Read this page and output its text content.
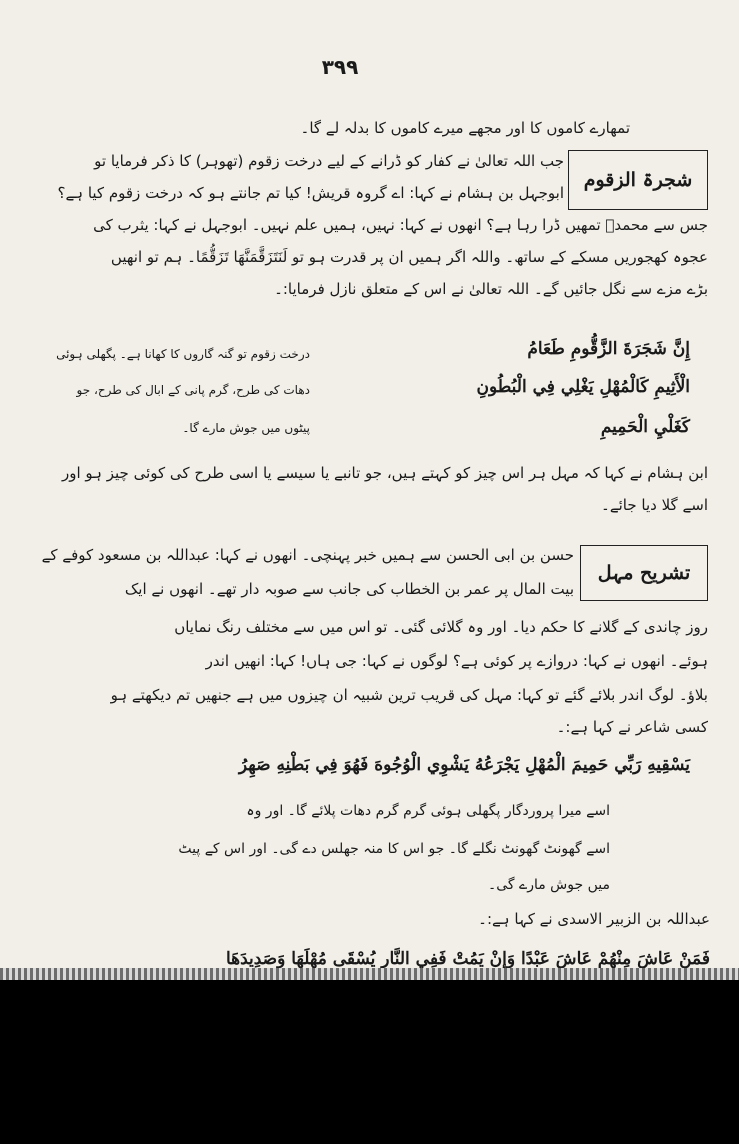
۳۹۹
تمھارے کاموں کا اور مجھے میرے کاموں کا بدلہ لے گا۔
شجرۃ الزقوم
جب اللہ تعالیٰ نے کفار کو ڈرانے کے لیے درخت زقوم (تھوہر) کا ذکر فرمایا تو
ابوجہل بن ہشام نے کہا: اے گروہ قریش! کیا تم جانتے ہو کہ درخت زقوم کیا ہے؟
جس سے محمدؐ تمھیں ڈرا رہا ہے؟ انھوں نے کہا: نہیں، ہمیں علم نہیں۔ ابوجہل نے کہا: یثرب کی
عجوہ کھجوریں مسکے کے ساتھ۔ واللہ اگر ہمیں ان پر قدرت ہو تو لَنَتَزَقَّمَنَّهَا تَزَقُّمًا۔ ہم تو انھیں
بڑے مزے سے نگل جائیں گے۔ اللہ تعالیٰ نے اس کے متعلق نازل فرمایا:۔
إِنَّ شَجَرَةَ الزَّقُّومِ طَعَامُ
الْأَثِيمِ كَالْمُهْلِ يَغْلِي فِي الْبُطُونِ
كَغَلْيِ الْحَمِيمِ
درخت زقوم تو گنہ گاروں کا کھانا ہے۔ پگھلی ہوئی
دھات کی طرح، گرم پانی کے ابال کی طرح، جو
پیٹوں میں جوش مارے گا۔
ابن ہشام نے کہا کہ مہل ہر اس چیز کو کہتے ہیں، جو تانبے یا سیسے یا اسی طرح کی کوئی چیز ہو اور
اسے گلا دیا جائے۔
تشریح مہل
حسن بن ابی الحسن سے ہمیں خبر پہنچی۔ انھوں نے کہا: عبداللہ بن مسعود کوفے کے
بیت المال پر عمر بن الخطاب کی جانب سے صوبہ دار تھے۔ انھوں نے ایک
روز چاندی کے گلانے کا حکم دیا۔ اور وہ گلائی گئی۔ تو اس میں سے مختلف رنگ نمایاں
ہوئے۔ انھوں نے کہا: دروازے پر کوئی ہے؟ لوگوں نے کہا: جی ہاں! کہا: انھیں اندر
بلاؤ۔ لوگ اندر بلائے گئے تو کہا: مہل کی قریب ترین شبیہ ان چیزوں میں ہے جنھیں تم دیکھتے ہو
کسی شاعر نے کہا ہے:۔
يَسْقِيهِ رَبِّي حَمِيمَ الْمُهْلِ يَجْرَعُهُ يَشْوِي الْوُجُوهَ فَهُوَ فِي بَطْنِهِ صَهِرُ
اسے میرا پروردگار پگھلی ہوئی گرم گرم دھات پلائے گا۔ اور وہ
اسے گھونٹ گھونٹ نگلے گا۔ جو اس کا منہ جھلس دے گی۔ اور اس کے پیٹ
میں جوش مارے گی۔
عبداللہ بن الزبیر الاسدی نے کہا ہے:۔
فَمَنْ عَاشَ مِنْهُمْ عَاشَ عَبْدًا وَإِنْ يَمُتْ فَفِي النَّارِ يُسْقَى مُهْلَهَا وَصَدِيدَهَا
